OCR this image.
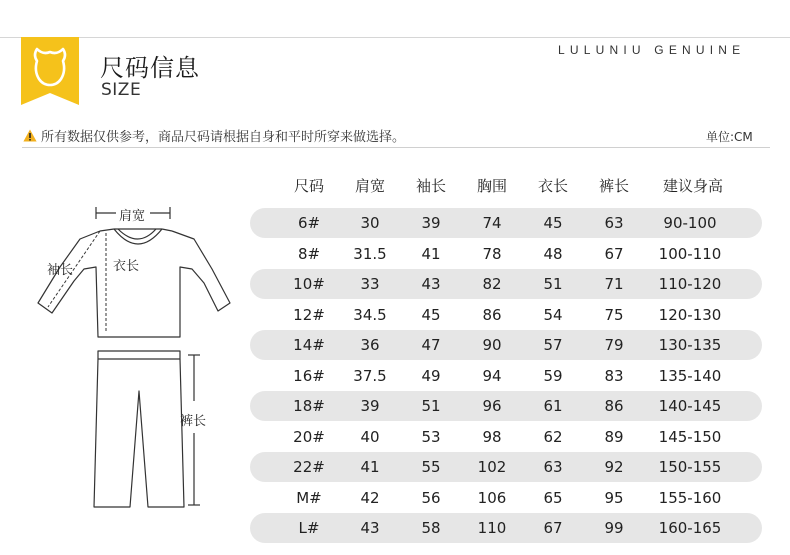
尺码信息
SIZE
LULUNIU GENUINE
所有数据仅供参考，商品尺码请根据自身和平时所穿来做选择。	单位:CM
肩宽
袖长	衣长
裤长
尺码	肩宽	袖长	胸围	衣长	裤长	建议身高
6#	30	39	74	45	63	90-100
8#	31.5	41	78	48	67	100-110
10#	33	43	82	51	71	110-120
12#	34.5	45	86	54	75	120-130
14#	36	47	90	57	79	130-135
16#	37.5	49	94	59	83	135-140
18#	39	51	96	61	86	140-145
20#	40	53	98	62	89	145-150
22#	41	55	102	63	92	150-155
M#	42	56	106	65	95	155-160
L#	43	58	110	67	99	160-165
